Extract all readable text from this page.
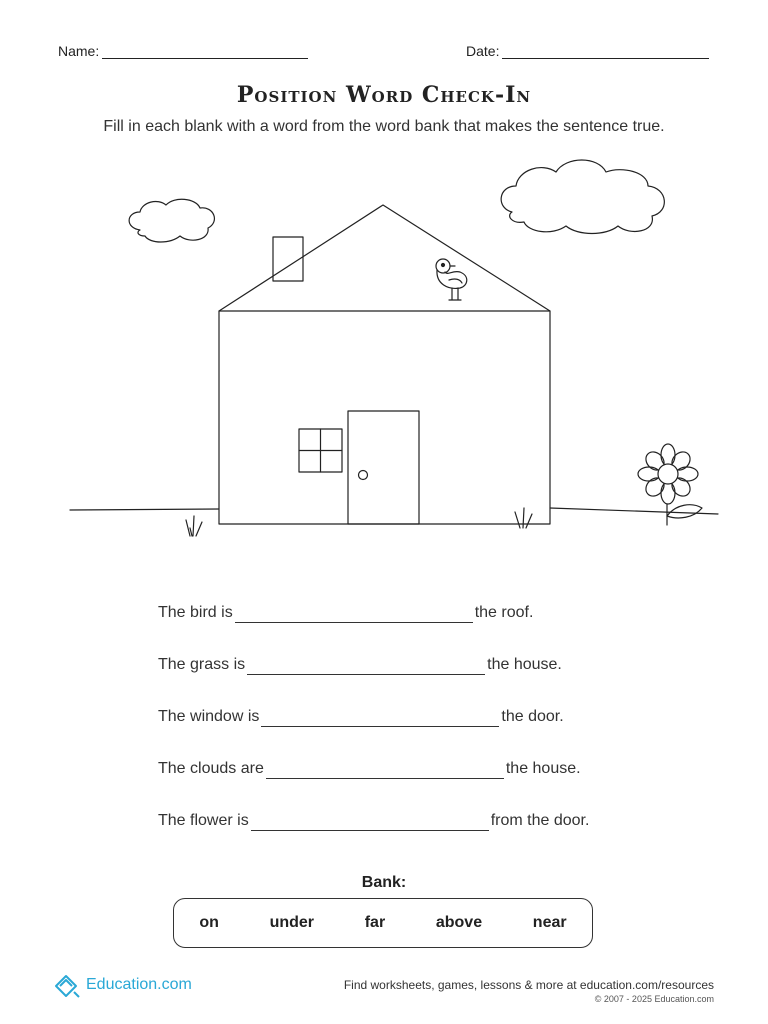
Name:	Date:
Position Word Check-In
Fill in each blank with a word from the word bank that makes the sentence true.
The bird is	the roof.
The grass is	the house.
The window is	the door.
The clouds are	the house.
The flower is	from the door.
Bank:
on	under	far	above	near
Education.com	Find worksheets, games, lessons & more at education.com/resources
© 2007 - 2025 Education.com
